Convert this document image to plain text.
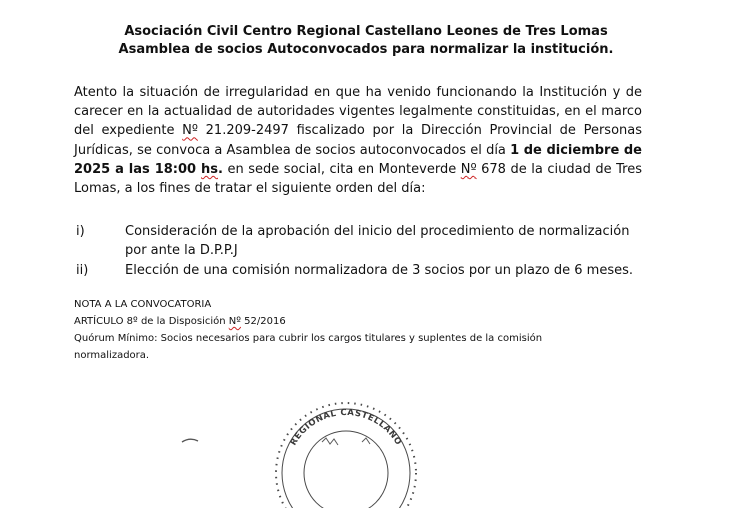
Asociación Civil Centro Regional Castellano Leones de Tres Lomas
Asamblea de socios Autoconvocados para normalizar la institución.
Atento la situación de irregularidad en que ha venido funcionando la Institución y de carecer en la actualidad de autoridades vigentes legalmente constituidas, en el marco del expediente Nº 21.209-2497 fiscalizado por la Dirección Provincial de Personas Jurídicas, se convoca a Asamblea de socios autoconvocados el día 1 de diciembre de 2025 a las 18:00 hs. en sede social, cita en Monteverde Nº 678 de la ciudad de Tres Lomas, a los fines de tratar el siguiente orden del día:
i)	Consideración de la aprobación del inicio del procedimiento de normalización por ante la D.P.P.J
ii)	Elección de una comisión normalizadora de 3 socios por un plazo de 6 meses.
NOTA A LA CONVOCATORIA
ARTÍCULO 8º de la Disposición Nº 52/2016
Quórum Mínimo: Socios necesarios para cubrir los cargos titulares y suplentes de la comisión normalizadora.
REGIONAL CASTELLANO
